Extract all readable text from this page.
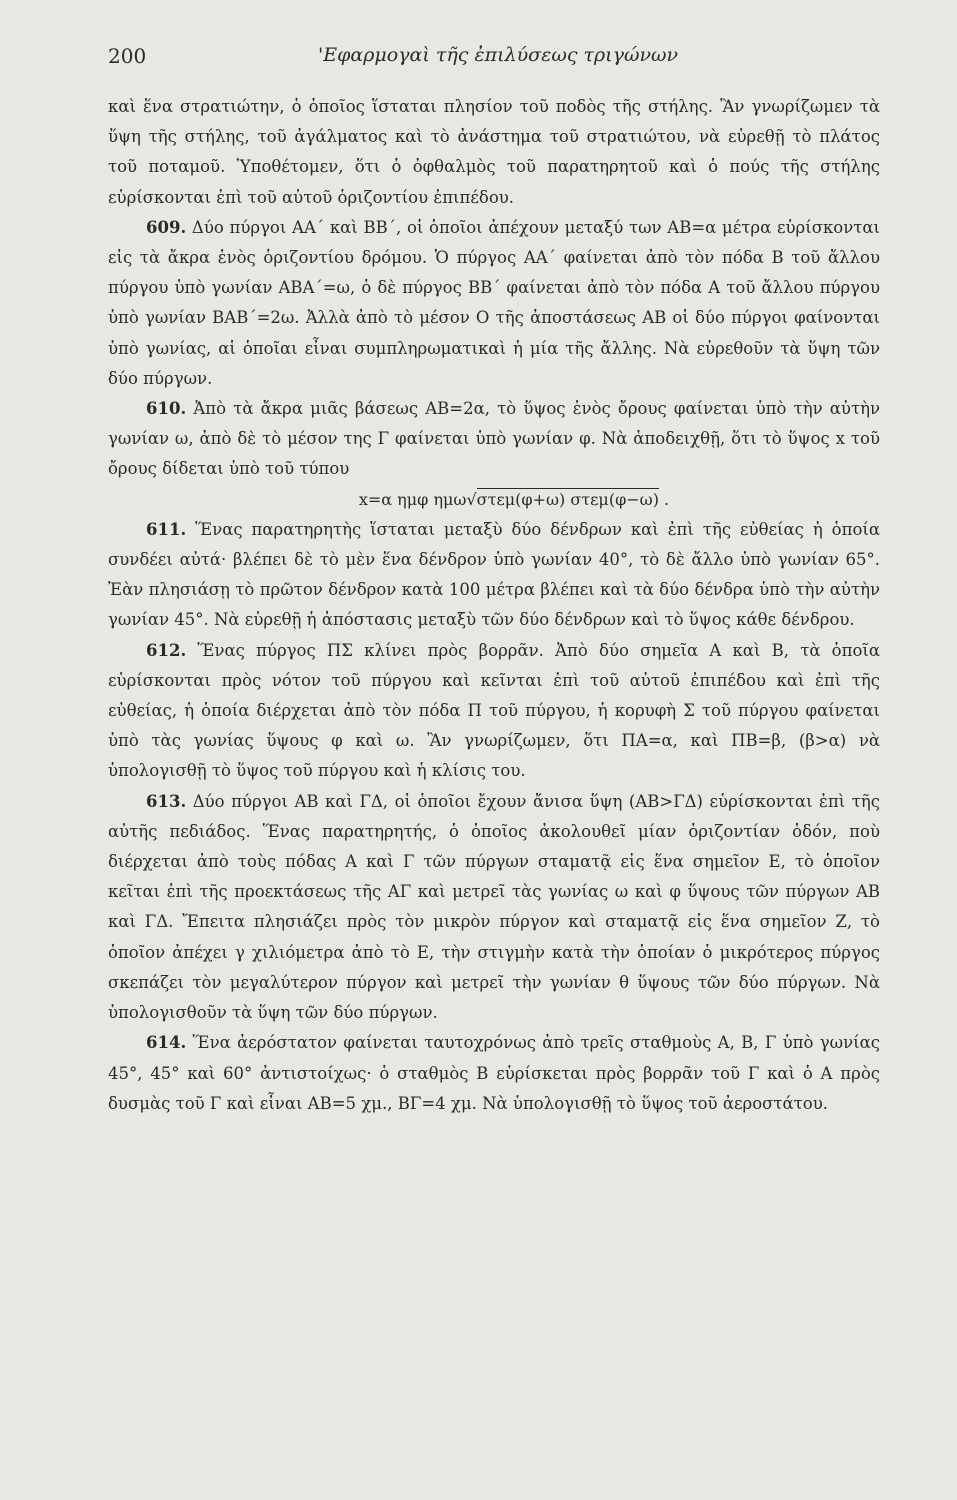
200	'Εφαρμογαὶ τῆς ἐπιλύσεως τριγώνων

καὶ ἕνα στρατιώτην, ὁ ὁποῖος ἵσταται πλησίον τοῦ ποδὸς τῆς στήλης. Ἂν γνωρίζωμεν τὰ ὕψη τῆς στήλης, τοῦ ἀγάλματος καὶ τὸ ἀνάστημα τοῦ στρατιώτου, νὰ εὑρεθῇ τὸ πλάτος τοῦ ποταμοῦ. Ὑποθέτομεν, ὅτι ὁ ὀφθαλμὸς τοῦ παρατηρητοῦ καὶ ὁ πούς τῆς στήλης εὑρίσκονται ἐπὶ τοῦ αὐτοῦ ὁριζοντίου ἐπιπέδου.

609. Δύο πύργοι ΑΑ΄ καὶ ΒΒ΄, οἱ ὁποῖοι ἀπέχουν μεταξύ των ΑΒ=α μέτρα εὑρίσκονται εἰς τὰ ἄκρα ἑνὸς ὁριζοντίου δρόμου. Ὁ πύργος ΑΑ΄ φαίνεται ἀπὸ τὸν πόδα Β τοῦ ἄλλου πύργου ὑπὸ γωνίαν ΑΒΑ΄=ω, ὁ δὲ πύργος ΒΒ΄ φαίνεται ἀπὸ τὸν πόδα Α τοῦ ἄλλου πύργου ὑπὸ γωνίαν ΒΑΒ΄=2ω. Ἀλλὰ ἀπὸ τὸ μέσον Ο τῆς ἀποστάσεως ΑΒ οἱ δύο πύργοι φαίνονται ὑπὸ γωνίας, αἱ ὁποῖαι εἶναι συμπληρωματικαὶ ἡ μία τῆς ἄλλης. Νὰ εὑρεθοῦν τὰ ὕψη τῶν δύο πύργων.

610. Ἀπὸ τὰ ἄκρα μιᾶς βάσεως ΑΒ=2α, τὸ ὕψος ἑνὸς ὄρους φαίνεται ὑπὸ τὴν αὐτὴν γωνίαν ω, ἀπὸ δὲ τὸ μέσον της Γ φαίνεται ὑπὸ γωνίαν φ. Νὰ ἀποδειχθῇ, ὅτι τὸ ὕψος x τοῦ ὄρους δίδεται ὑπὸ τοῦ τύπου

x=α ημφ ημω√στεμ(φ+ω) στεμ(φ−ω) .

611. Ἕνας παρατηρητὴς ἵσταται μεταξὺ δύο δένδρων καὶ ἐπὶ τῆς εὐθείας ἡ ὁποία συνδέει αὐτά· βλέπει δὲ τὸ μὲν ἕνα δένδρον ὑπὸ γωνίαν 40°, τὸ δὲ ἄλλο ὑπὸ γωνίαν 65°. Ἐὰν πλησιάσῃ τὸ πρῶτον δένδρον κατὰ 100 μέτρα βλέπει καὶ τὰ δύο δένδρα ὑπὸ τὴν αὐτὴν γωνίαν 45°. Νὰ εὑρεθῇ ἡ ἀπόστασις μεταξὺ τῶν δύο δένδρων καὶ τὸ ὕψος κάθε δένδρου.

612. Ἕνας πύργος ΠΣ κλίνει πρὸς βορρᾶν. Ἀπὸ δύο σημεῖα Α καὶ Β, τὰ ὁποῖα εὑρίσκονται πρὸς νότον τοῦ πύργου καὶ κεῖνται ἐπὶ τοῦ αὐτοῦ ἐπιπέδου καὶ ἐπὶ τῆς εὐθείας, ἡ ὁποία διέρχεται ἀπὸ τὸν πόδα Π τοῦ πύργου, ἡ κορυφὴ Σ τοῦ πύργου φαίνεται ὑπὸ τὰς γωνίας ὕψους φ καὶ ω. Ἂν γνωρίζωμεν, ὅτι ΠΑ=α, καὶ ΠΒ=β, (β>α) νὰ ὑπολογισθῇ τὸ ὕψος τοῦ πύργου καὶ ἡ κλίσις του.

613. Δύο πύργοι ΑΒ καὶ ΓΔ, οἱ ὁποῖοι ἔχουν ἄνισα ὕψη (ΑΒ>ΓΔ) εὑρίσκονται ἐπὶ τῆς αὐτῆς πεδιάδος. Ἕνας παρατηρητής, ὁ ὁποῖος ἀκολουθεῖ μίαν ὁριζοντίαν ὁδόν, ποὺ διέρχεται ἀπὸ τοὺς πόδας Α καὶ Γ τῶν πύργων σταματᾷ εἰς ἕνα σημεῖον Ε, τὸ ὁποῖον κεῖται ἐπὶ τῆς προεκτάσεως τῆς ΑΓ καὶ μετρεῖ τὰς γωνίας ω καὶ φ ὕψους τῶν πύργων ΑΒ καὶ ΓΔ. Ἔπειτα πλησιάζει πρὸς τὸν μικρὸν πύργον καὶ σταματᾷ εἰς ἕνα σημεῖον Ζ, τὸ ὁποῖον ἀπέχει γ χιλιόμετρα ἀπὸ τὸ Ε, τὴν στιγμὴν κατὰ τὴν ὁποίαν ὁ μικρότερος πύργος σκεπάζει τὸν μεγαλύτερον πύργον καὶ μετρεῖ τὴν γωνίαν θ ὕψους τῶν δύο πύργων. Νὰ ὑπολογισθοῦν τὰ ὕψη τῶν δύο πύργων.

614. Ἕνα ἀερόστατον φαίνεται ταυτοχρόνως ἀπὸ τρεῖς σταθμοὺς Α, Β, Γ ὑπὸ γωνίας 45°, 45° καὶ 60° ἀντιστοίχως· ὁ σταθμὸς Β εὑρίσκεται πρὸς βορρᾶν τοῦ Γ καὶ ὁ Α πρὸς δυσμὰς τοῦ Γ καὶ εἶναι ΑΒ=5 χμ., ΒΓ=4 χμ. Νὰ ὑπολογισθῇ τὸ ὕψος τοῦ ἀεροστάτου.
